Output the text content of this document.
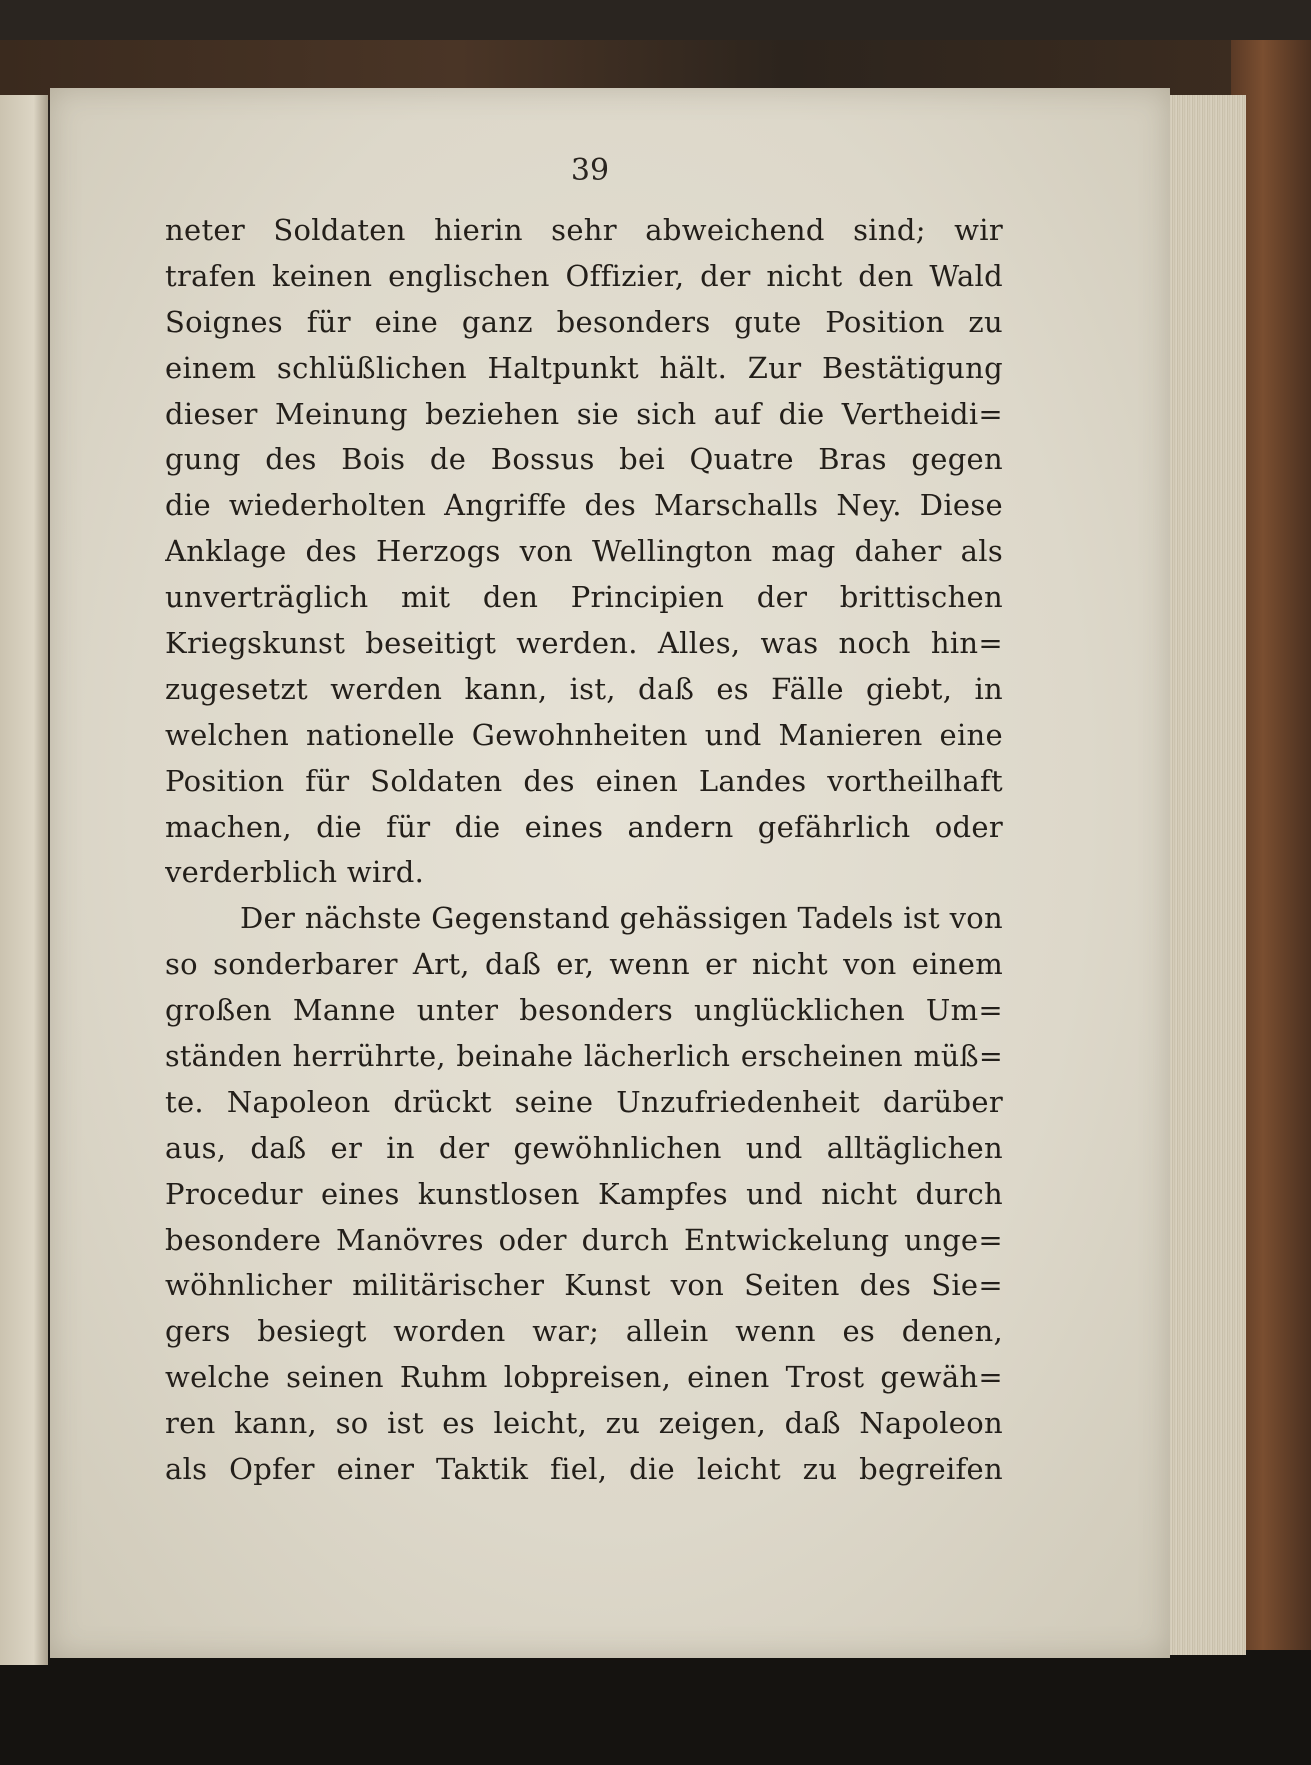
39
neter Soldaten hierin sehr abweichend sind; wir
trafen keinen englischen Offizier, der nicht den Wald
Soignes für eine ganz besonders gute Position zu
einem schlüßlichen Haltpunkt hält. Zur Bestätigung
dieser Meinung beziehen sie sich auf die Vertheidi=
gung des Bois de Bossus bei Quatre Bras gegen
die wiederholten Angriffe des Marschalls Ney. Diese
Anklage des Herzogs von Wellington mag daher als
unverträglich mit den Principien der brittischen
Kriegskunst beseitigt werden. Alles, was noch hin=
zugesetzt werden kann, ist, daß es Fälle giebt, in
welchen nationelle Gewohnheiten und Manieren eine
Position für Soldaten des einen Landes vortheilhaft
machen, die für die eines andern gefährlich oder
verderblich wird.
Der nächste Gegenstand gehässigen Tadels ist von
so sonderbarer Art, daß er, wenn er nicht von einem
großen Manne unter besonders unglücklichen Um=
ständen herrührte, beinahe lächerlich erscheinen müß=
te. Napoleon drückt seine Unzufriedenheit darüber
aus, daß er in der gewöhnlichen und alltäglichen
Procedur eines kunstlosen Kampfes und nicht durch
besondere Manövres oder durch Entwickelung unge=
wöhnlicher militärischer Kunst von Seiten des Sie=
gers besiegt worden war; allein wenn es denen,
welche seinen Ruhm lobpreisen, einen Trost gewäh=
ren kann, so ist es leicht, zu zeigen, daß Napoleon
als Opfer einer Taktik fiel, die leicht zu begreifen
